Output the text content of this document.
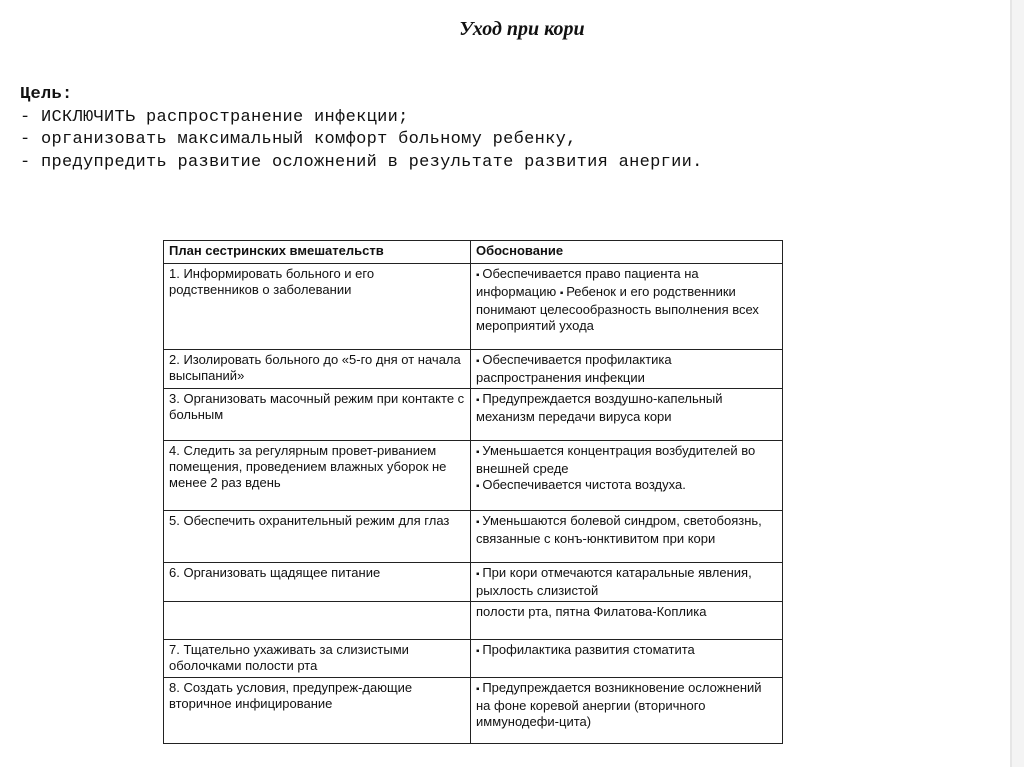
Уход при кори
Цель:
- ИСКЛЮЧИТЬ распространение инфекции;
- организовать максимальный комфорт больному ребенку,
- предупредить развитие осложнений в результате развития анергии.
План сестринских вмешательств	Обоснование
1. Информировать больного и его родственников о заболевании	▪ Обеспечивается право пациента на информацию ▪ Ребенок и его родственники понимают целесообразность выполнения всех мероприятий ухода
2. Изолировать больного до «5-го дня от начала высыпаний»	▪ Обеспечивается профилактика распространения инфекции
3. Организовать масочный режим при контакте с больным	▪ Предупреждается воздушно-капельный механизм передачи вируса кори
4. Следить за регулярным провет-риванием помещения, проведением влажных уборок не менее 2 раз вдень	▪ Уменьшается концентрация возбудителей во внешней среде
▪ Обеспечивается чистота воздуха.

5. Обеспечить охранительный режим для глаз	▪ Уменьшаются болевой синдром, светобоязнь, связанные с конъ-юнктивитом при кори
6. Организовать щадящее питание	▪ При кори отмечаются катаральные явления, рыхлость слизистой
	полости рта, пятна Филатова-Коплика
7. Тщательно ухаживать за слизистыми оболочками полости рта	▪ Профилактика развития стоматита
8. Создать условия, предупреж-дающие вторичное инфицирование	▪ Предупреждается возникновение осложнений на фоне коревой анергии (вторичного иммунодефи-цита)
